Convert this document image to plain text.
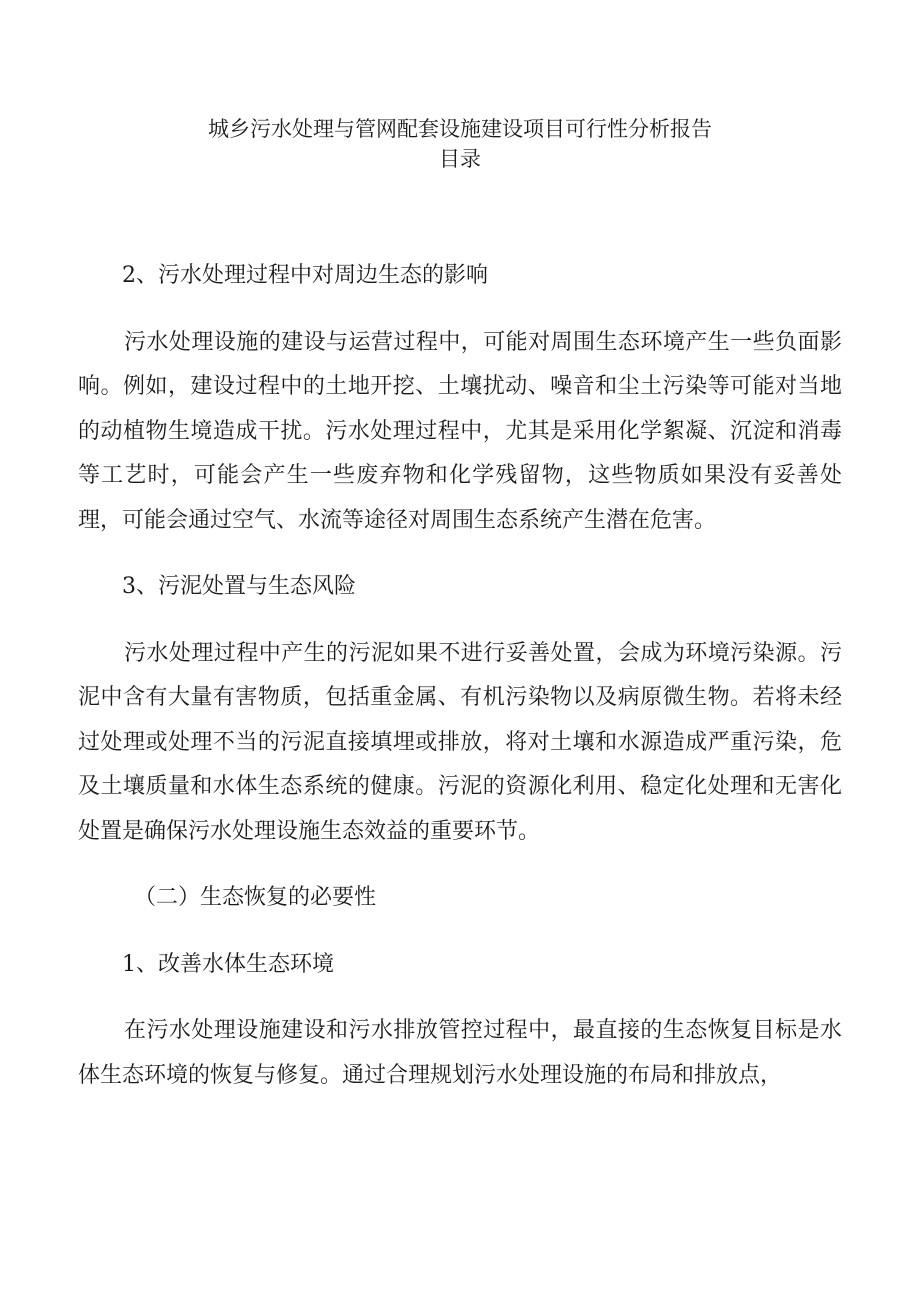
城乡污水处理与管网配套设施建设项目可行性分析报告
目录
2、污水处理过程中对周边生态的影响

污水处理设施的建设与运营过程中，可能对周围生态环境产生一些负面影响。例如，建设过程中的土地开挖、土壤扰动、噪音和尘土污染等可能对当地的动植物生境造成干扰。污水处理过程中，尤其是采用化学絮凝、沉淀和消毒等工艺时，可能会产生一些废弃物和化学残留物，这些物质如果没有妥善处理，可能会通过空气、水流等途径对周围生态系统产生潜在危害。

3、污泥处置与生态风险

污水处理过程中产生的污泥如果不进行妥善处置，会成为环境污染源。污泥中含有大量有害物质，包括重金属、有机污染物以及病原微生物。若将未经过处理或处理不当的污泥直接填埋或排放，将对土壤和水源造成严重污染，危及土壤质量和水体生态系统的健康。污泥的资源化利用、稳定化处理和无害化处置是确保污水处理设施生态效益的重要环节。

（二）生态恢复的必要性
1、改善水体生态环境

在污水处理设施建设和污水排放管控过程中，最直接的生态恢复目标是水体生态环境的恢复与修复。通过合理规划污水处理设施的布局和排放点，
